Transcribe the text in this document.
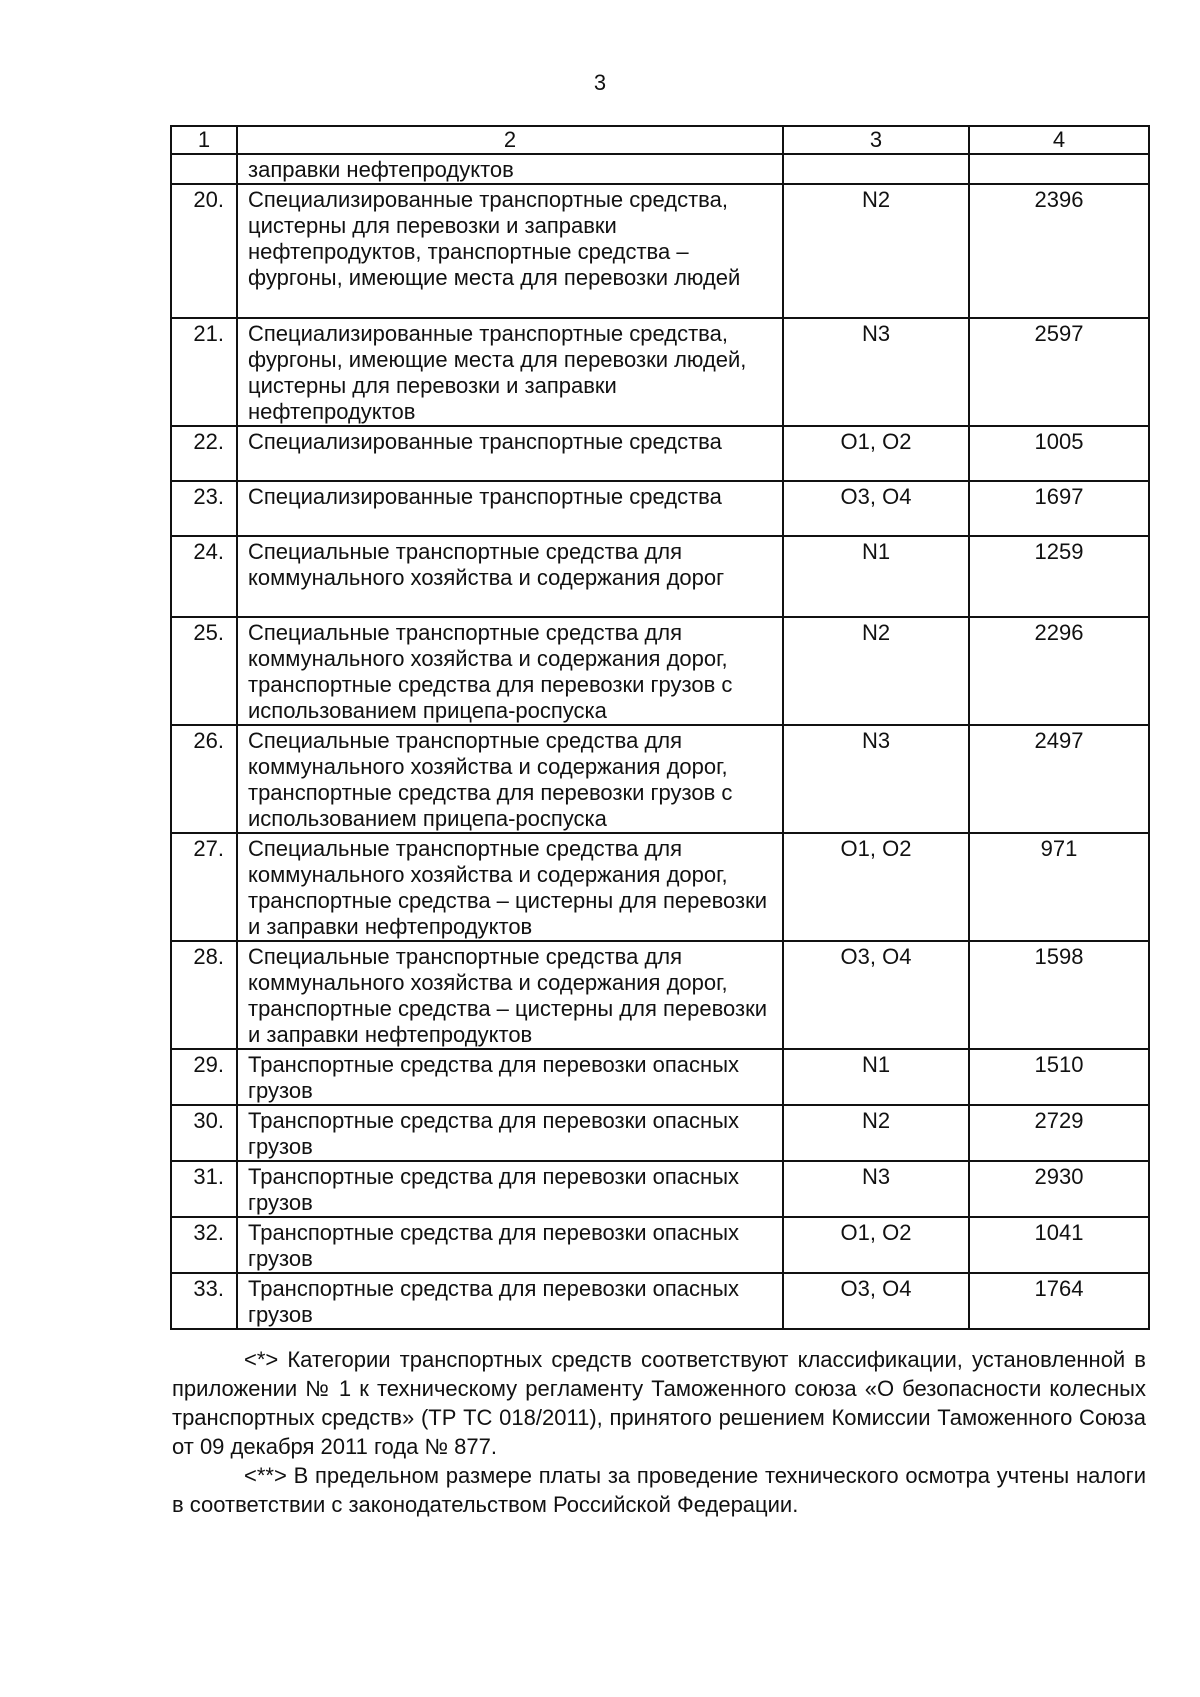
3
1	2	3	4
	заправки нефтепродуктов		
20.	Специализированные транспортные средства, цистерны для перевозки и заправки нефтепродуктов, транспортные средства – фургоны, имеющие места для перевозки людей	N2	2396
21.	Специализированные транспортные средства, фургоны, имеющие места для перевозки людей, цистерны для перевозки и заправки нефтепродуктов	N3	2597
22.	Специализированные транспортные средства	O1, O2	1005
23.	Специализированные транспортные средства	O3, O4	1697
24.	Специальные транспортные средства для коммунального хозяйства и содержания дорог	N1	1259
25.	Специальные транспортные средства для коммунального хозяйства и содержания дорог, транспортные средства для перевозки грузов с использованием прицепа-роспуска	N2	2296
26.	Специальные транспортные средства для коммунального хозяйства и содержания дорог, транспортные средства для перевозки грузов с использованием прицепа-роспуска	N3	2497
27.	Специальные транспортные средства для коммунального хозяйства и содержания дорог, транспортные средства – цистерны для перевозки и заправки нефтепродуктов	O1, O2	971
28.	Специальные транспортные средства для коммунального хозяйства и содержания дорог, транспортные средства – цистерны для перевозки и заправки нефтепродуктов	O3, O4	1598
29.	Транспортные средства для перевозки опасных грузов	N1	1510
30.	Транспортные средства для перевозки опасных грузов	N2	2729
31.	Транспортные средства для перевозки опасных грузов	N3	2930
32.	Транспортные средства для перевозки опасных грузов	O1, O2	1041
33.	Транспортные средства для перевозки опасных грузов	O3, O4	1764

<*> Категории транспортных средств соответствуют классификации, установленной в приложении № 1 к техническому регламенту Таможенного союза «О безопасности колесных транспортных средств» (ТР ТС 018/2011), принятого решением Комиссии Таможенного Союза от 09 декабря 2011 года № 877.

<**> В предельном размере платы за проведение технического осмотра учтены налоги в соответствии с законодательством Российской Федерации.
